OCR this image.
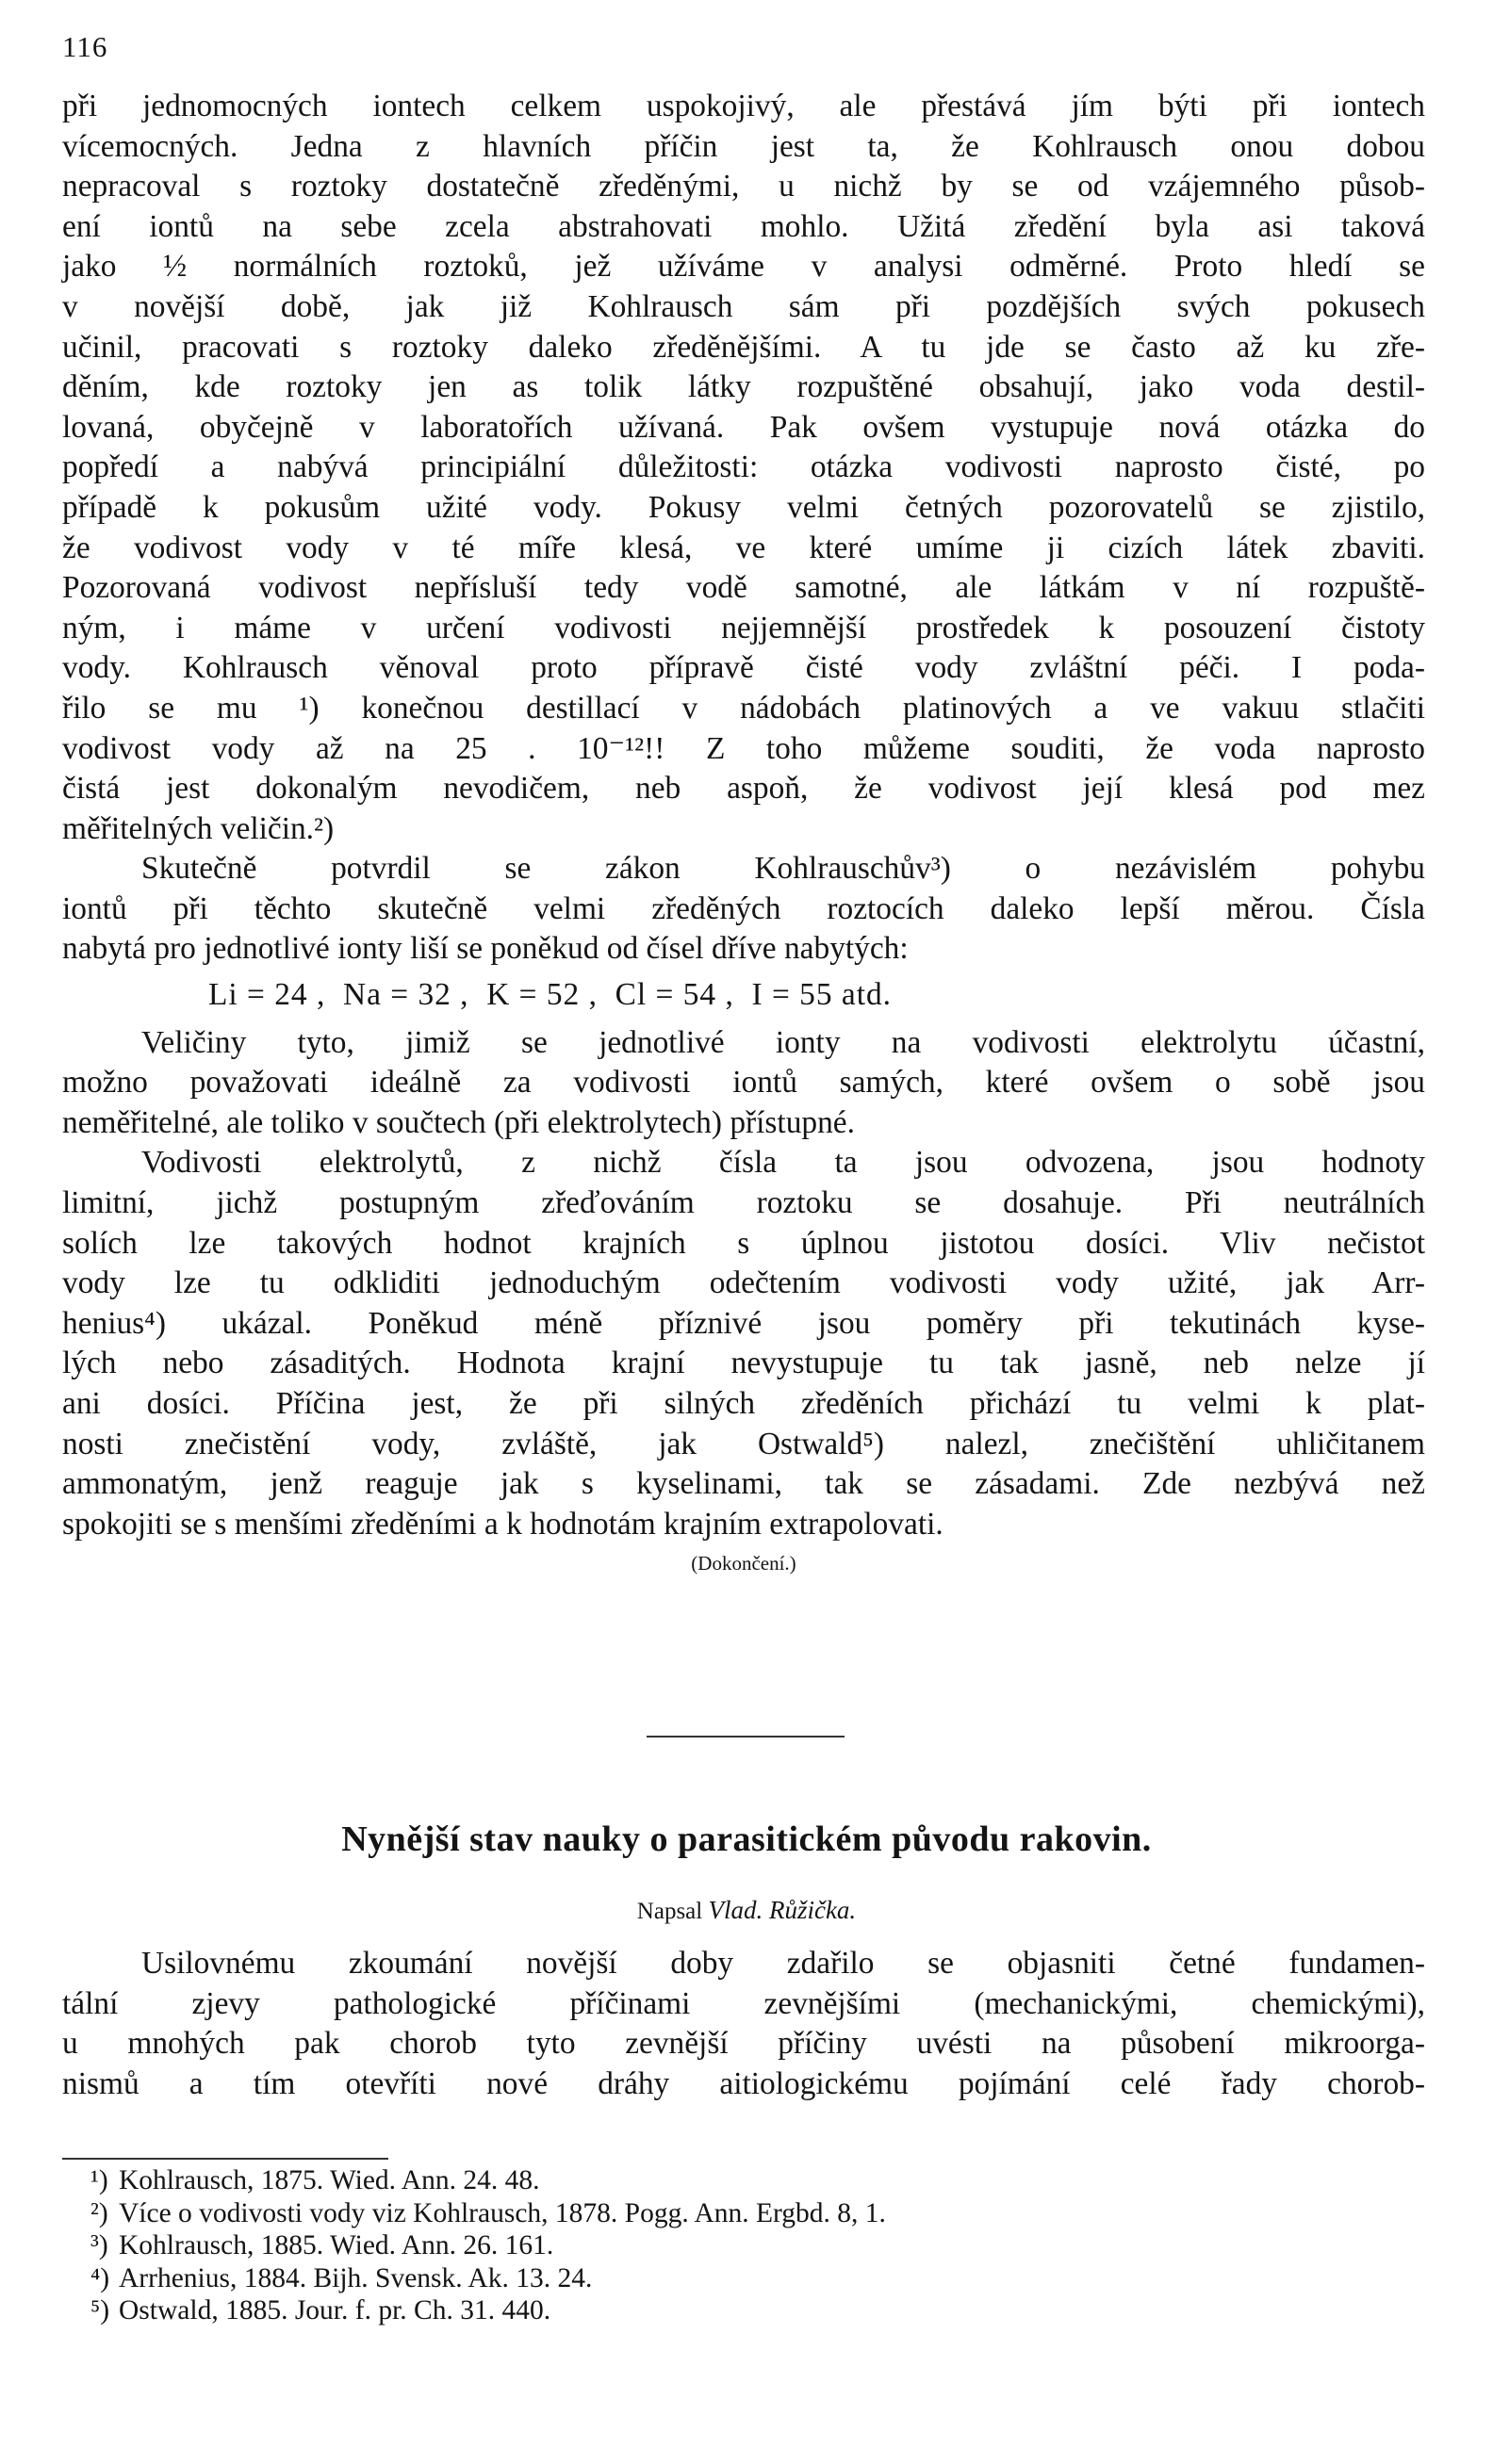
116

při jednomocných iontech celkem uspokojivý, ale přestává jím býti při iontech
vícemocných. Jedna z hlavních příčin jest ta, že Kohlrausch onou dobou
nepracoval s roztoky dostatečně zředěnými, u nichž by se od vzájemného působ-
ení iontů na sebe zcela abstrahovati mohlo. Užitá zředění byla asi taková
jako ½ normálních roztoků, jež užíváme v analysi odměrné. Proto hledí se
v novější době, jak již Kohlrausch sám při pozdějších svých pokusech
učinil, pracovati s roztoky daleko zředěnějšími. A tu jde se často až ku zře-
děním, kde roztoky jen as tolik látky rozpuštěné obsahují, jako voda destil-
lovaná, obyčejně v laboratořích užívaná. Pak ovšem vystupuje nová otázka do
popředí a nabývá principiální důležitosti: otázka vodivosti naprosto čisté, po
případě k pokusům užité vody. Pokusy velmi četných pozorovatelů se zjistilo,
že vodivost vody v té míře klesá, ve které umíme ji cizích látek zbaviti.
Pozorovaná vodivost nepřísluší tedy vodě samotné, ale látkám v ní rozpuště-
ným, i máme v určení vodivosti nejjemnější prostředek k posouzení čistoty
vody. Kohlrausch věnoval proto přípravě čisté vody zvláštní péči. I poda-
řilo se mu ¹) konečnou destillací v nádobách platinových a ve vakuu stlačiti
vodivost vody až na 25 . 10⁻¹²!! Z toho můžeme souditi, že voda naprosto
čistá jest dokonalým nevodičem, neb aspoň, že vodivost její klesá pod mez
měřitelných veličin.²)

Skutečně potvrdil se zákon Kohlrauschův³) o nezávislém pohybu
iontů při těchto skutečně velmi zředěných roztocích daleko lepší měrou. Čísla
nabytá pro jednotlivé ionty liší se poněkud od čísel dříve nabytých:

Li = 24 ,  Na = 32 ,  K = 52 ,  Cl = 54 ,  I = 55 atd.

Veličiny tyto, jimiž se jednotlivé ionty na vodivosti elektrolytu účastní,
možno považovati ideálně za vodivosti iontů samých, které ovšem o sobě jsou
neměřitelné, ale toliko v součtech (při elektrolytech) přístupné.

Vodivosti elektrolytů, z nichž čísla ta jsou odvozena, jsou hodnoty
limitní, jichž postupným zřeďováním roztoku se dosahuje. Při neutrálních
solích lze takových hodnot krajních s úplnou jistotou dosíci. Vliv nečistot
vody lze tu odkliditi jednoduchým odečtením vodivosti vody užité, jak Arr-
henius⁴) ukázal. Poněkud méně příznivé jsou poměry při tekutinách kyse-
lých nebo zásaditých. Hodnota krajní nevystupuje tu tak jasně, neb nelze jí
ani dosíci. Příčina jest, že při silných zředěních přichází tu velmi k plat-
nosti znečistění vody, zvláště, jak Ostwald⁵) nalezl, znečištění uhličitanem
ammonatým, jenž reaguje jak s kyselinami, tak se zásadami. Zde nezbývá než
spokojiti se s menšími zředěními a k hodnotám krajním extrapolovati.

(Dokončení.)

Nynější stav nauky o parasitickém původu rakovin.
Napsal Vlad. Růžička.

Usilovnému zkoumání novější doby zdařilo se objasniti četné fundamen-
tální zjevy pathologické příčinami zevnějšími (mechanickými, chemickými),
u mnohých pak chorob tyto zevnější příčiny uvésti na působení mikroorga-
nismů a tím otevříti nové dráhy aitiologickému pojímání celé řady chorob-

¹) Kohlrausch, 1875. Wied. Ann. 24. 48.
²) Více o vodivosti vody viz Kohlrausch, 1878. Pogg. Ann. Ergbd. 8, 1.
³) Kohlrausch, 1885. Wied. Ann. 26. 161.
⁴) Arrhenius, 1884. Bijh. Svensk. Ak. 13. 24.
⁵) Ostwald, 1885. Jour. f. pr. Ch. 31. 440.
